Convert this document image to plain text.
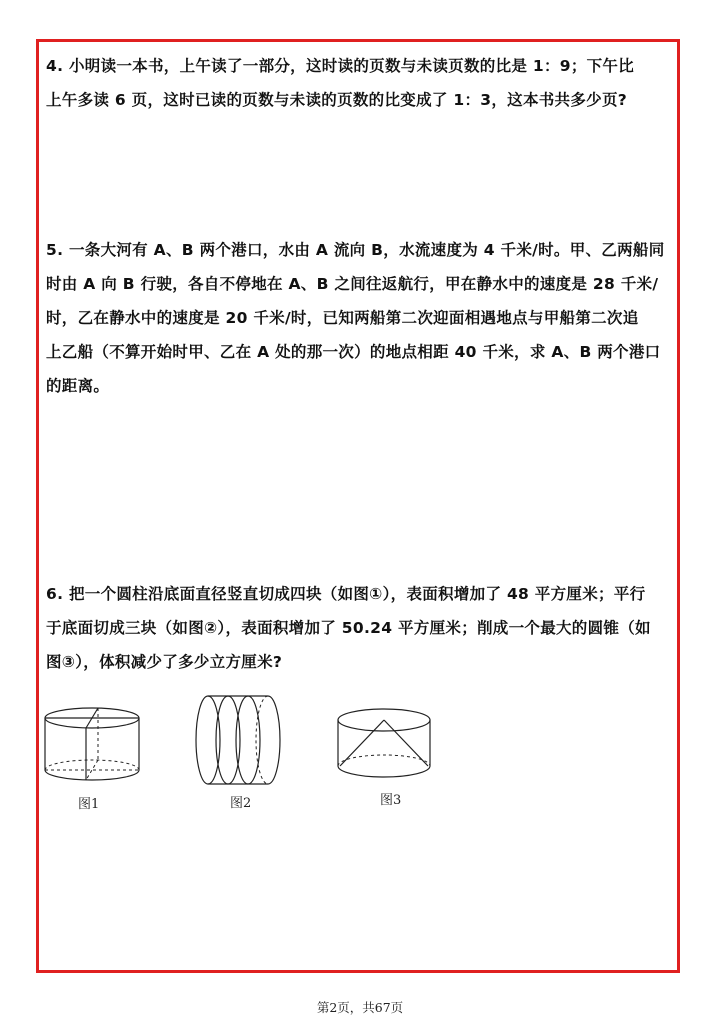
4. 小明读一本书，上午读了一部分，这时读的页数与未读页数的比是 1：9；下午比

上午多读 6 页，这时已读的页数与未读的页数的比变成了 1：3，这本书共多少页?

5. 一条大河有 A、B 两个港口，水由 A 流向 B，水流速度为 4 千米/时。甲、乙两船同

时由 A 向 B 行驶，各自不停地在 A、B 之间往返航行，甲在静水中的速度是 28 千米/

时，乙在静水中的速度是 20 千米/时，已知两船第二次迎面相遇地点与甲船第二次追

上乙船（不算开始时甲、乙在 A 处的那一次）的地点相距 40 千米，求 A、B 两个港口

的距离。

6. 把一个圆柱沿底面直径竖直切成四块（如图①），表面积增加了 48 平方厘米；平行

于底面切成三块（如图②），表面积增加了 50.24 平方厘米；削成一个最大的圆锥（如

图③），体积减少了多少立方厘米?

图1	图2	图3
第2页，共67页
